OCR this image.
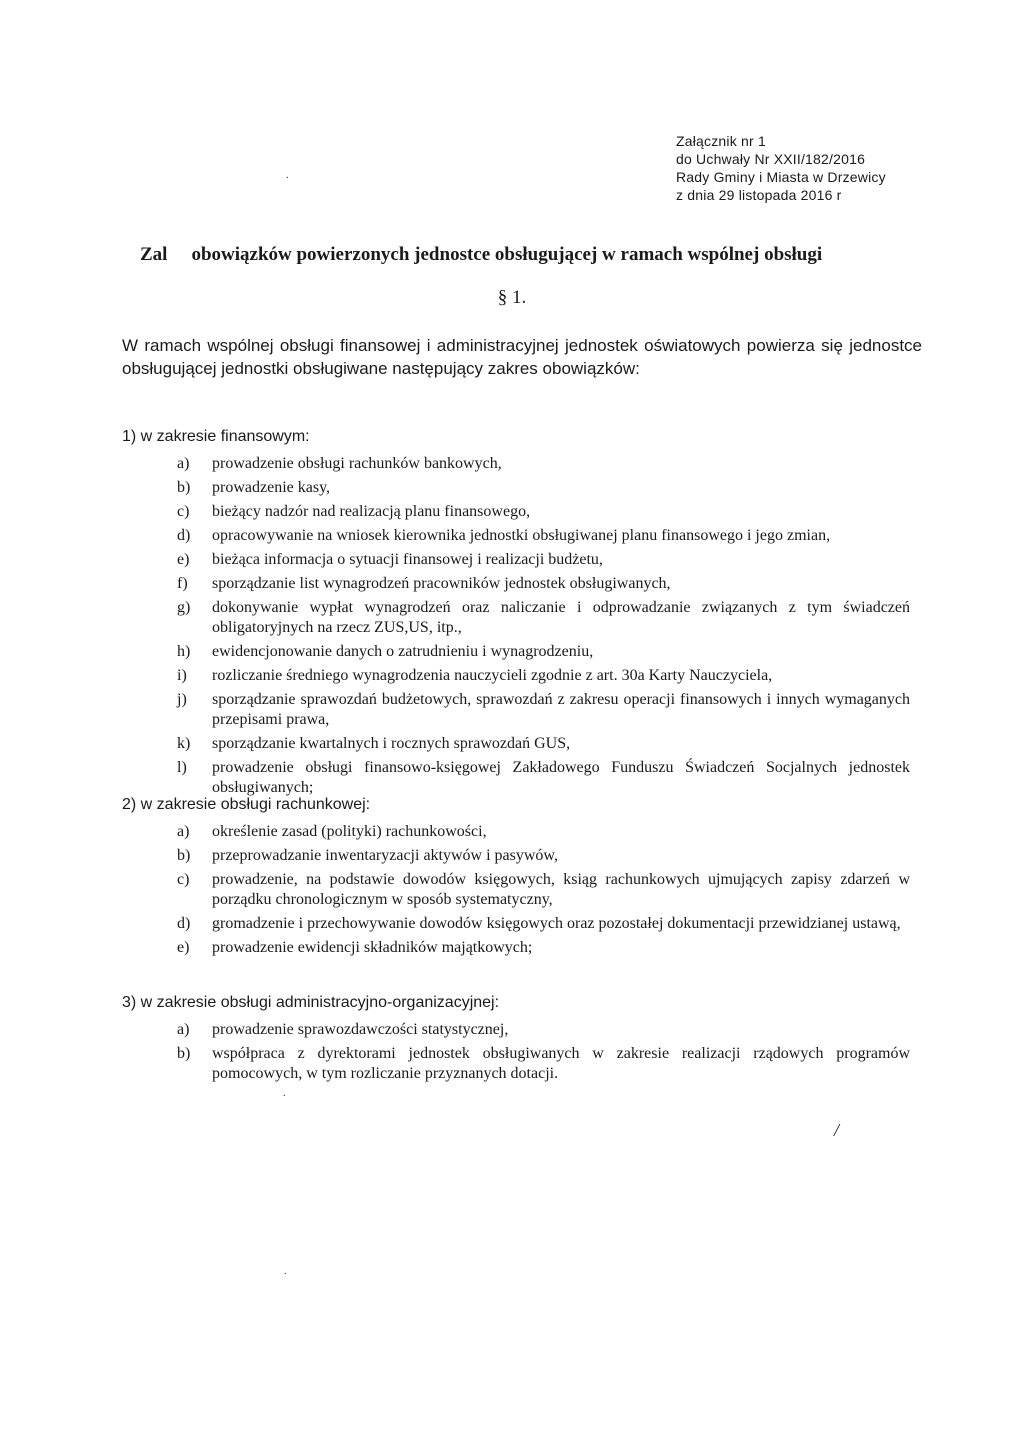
.
Załącznik nr 1
do Uchwały Nr XXII/182/2016
Rady Gminy i Miasta w Drzewicy
z dnia 29 listopada 2016 r
Zal obowiązków powierzonych jednostce obsługującej w ramach wspólnej obsługi
§ 1.
W ramach wspólnej obsługi finansowej i administracyjnej jednostek oświatowych powierza się jednostce obsługującej jednostki obsługiwane następujący zakres obowiązków:
1) w zakresie finansowym:
a) prowadzenie obsługi rachunków bankowych,
b) prowadzenie kasy,
c) bieżący nadzór nad realizacją planu finansowego,
d) opracowywanie na wniosek kierownika jednostki obsługiwanej planu finansowego i jego zmian,
e) bieżąca informacja o sytuacji finansowej i realizacji budżetu,
f) sporządzanie list wynagrodzeń pracowników jednostek obsługiwanych,
g) dokonywanie wypłat wynagrodzeń oraz naliczanie i odprowadzanie związanych z tym świadczeń obligatoryjnych na rzecz ZUS,US, itp.,
h) ewidencjonowanie danych o zatrudnieniu i wynagrodzeniu,
i) rozliczanie średniego wynagrodzenia nauczycieli zgodnie z art. 30a Karty Nauczyciela,
j) sporządzanie sprawozdań budżetowych, sprawozdań z zakresu operacji finansowych i innych wymaganych przepisami prawa,
k) sporządzanie kwartalnych i rocznych sprawozdań GUS,
l) prowadzenie obsługi finansowo-księgowej Zakładowego Funduszu Świadczeń Socjalnych jednostek obsługiwanych;
2) w zakresie obsługi rachunkowej:
a) określenie zasad (polityki) rachunkowości,
b) przeprowadzanie inwentaryzacji aktywów i pasywów,
c) prowadzenie, na podstawie dowodów księgowych, ksiąg rachunkowych ujmujących zapisy zdarzeń w porządku chronologicznym w sposób systematyczny,
d) gromadzenie i przechowywanie dowodów księgowych oraz pozostałej dokumentacji przewidzianej ustawą,
e) prowadzenie ewidencji składników majątkowych;
3) w zakresie obsługi administracyjno-organizacyjnej:
a) prowadzenie sprawozdawczości statystycznej,
b) współpraca z dyrektorami jednostek obsługiwanych w zakresie realizacji rządowych programów pomocowych, w tym rozliczanie przyznanych dotacji.
.
/
.
